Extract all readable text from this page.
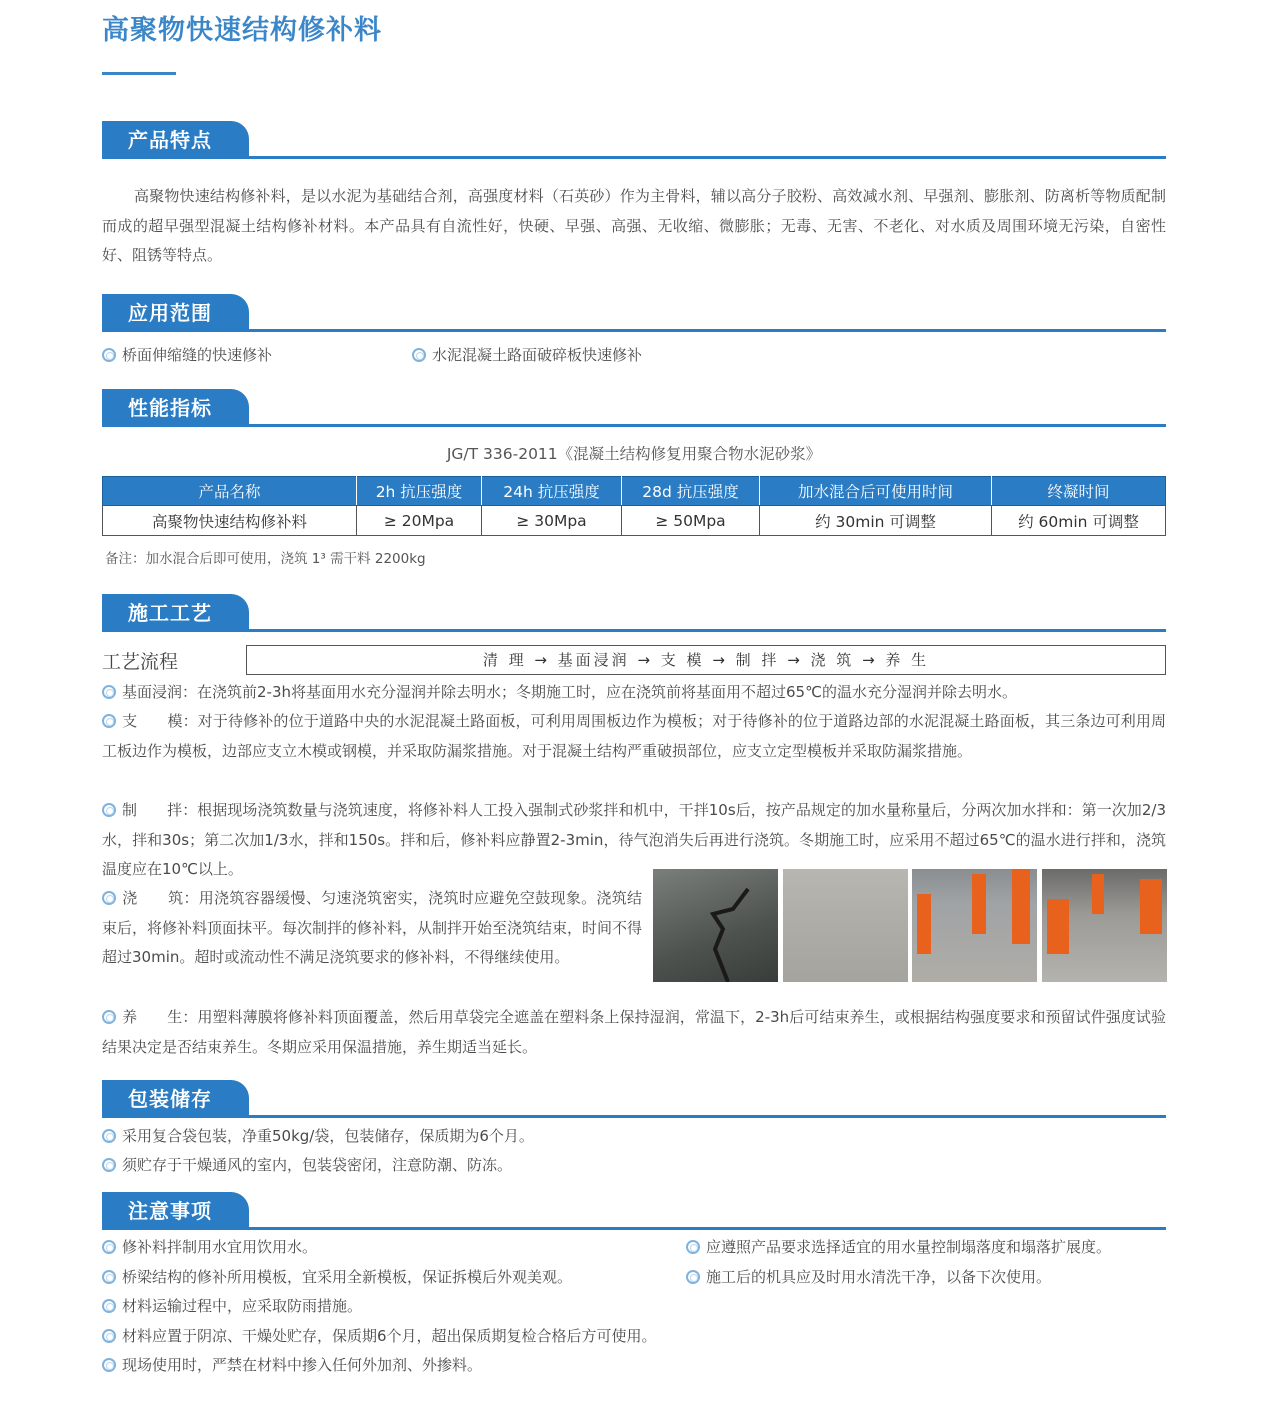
高聚物快速结构修补料
产品特点
高聚物快速结构修补料，是以水泥为基础结合剂，高强度材料（石英砂）作为主骨料，辅以高分子胶粉、高效减水剂、早强剂、膨胀剂、防离析等物质配制而成的超早强型混凝土结构修补材料。本产品具有自流性好，快硬、早强、高强、无收缩、微膨胀；无毒、无害、不老化、对水质及周围环境无污染，自密性好、阻锈等特点。
应用范围
桥面伸缩缝的快速修补	水泥混凝土路面破碎板快速修补
性能指标
JG/T 336-2011《混凝土结构修复用聚合物水泥砂浆》
产品名称	2h 抗压强度	24h 抗压强度	28d 抗压强度	加水混合后可使用时间	终凝时间
高聚物快速结构修补料	≥ 20Mpa	≥ 30Mpa	≥ 50Mpa	约 30min 可调整	约 60min 可调整
备注：加水混合后即可使用，浇筑 1³ 需干料 2200kg
施工工艺
工艺流程	清 理 → 基面浸润 → 支 模 → 制 拌 → 浇 筑 → 养 生
基面浸润：在浇筑前2-3h将基面用水充分湿润并除去明水；冬期施工时，应在浇筑前将基面用不超过65℃的温水充分湿润并除去明水。
支　　模：对于待修补的位于道路中央的水泥混凝土路面板，可利用周围板边作为模板；对于待修补的位于道路边部的水泥混凝土路面板，其三条边可利用周工板边作为模板，边部应支立木模或钢模，并采取防漏浆措施。对于混凝土结构严重破损部位，应支立定型模板并采取防漏浆措施。
制　　拌：根据现场浇筑数量与浇筑速度，将修补料人工投入强制式砂浆拌和机中，干拌10s后，按产品规定的加水量称量后，分两次加水拌和：第一次加2/3水，拌和30s；第二次加1/3水，拌和150s。拌和后，修补料应静置2-3min，待气泡消失后再进行浇筑。冬期施工时，应采用不超过65℃的温水进行拌和，浇筑温度应在10℃以上。
浇　　筑：用浇筑容器缓慢、匀速浇筑密实，浇筑时应避免空鼓现象。浇筑结束后，将修补料顶面抹平。每次制拌的修补料，从制拌开始至浇筑结束，时间不得超过30min。超时或流动性不满足浇筑要求的修补料，不得继续使用。
养　　生：用塑料薄膜将修补料顶面覆盖，然后用草袋完全遮盖在塑料条上保持湿润，常温下，2-3h后可结束养生，或根据结构强度要求和预留试件强度试验结果决定是否结束养生。冬期应采用保温措施，养生期适当延长。
包装储存
采用复合袋包装，净重50kg/袋，包装储存，保质期为6个月。
须贮存于干燥通风的室内，包装袋密闭，注意防潮、防冻。
注意事项
修补料拌制用水宜用饮用水。
桥梁结构的修补所用模板，宜采用全新模板，保证拆模后外观美观。
材料运输过程中，应采取防雨措施。
材料应置于阴凉、干燥处贮存，保质期6个月，超出保质期复检合格后方可使用。
现场使用时，严禁在材料中掺入任何外加剂、外掺料。
应遵照产品要求选择适宜的用水量控制塌落度和塌落扩展度。
施工后的机具应及时用水清洗干净，以备下次使用。
